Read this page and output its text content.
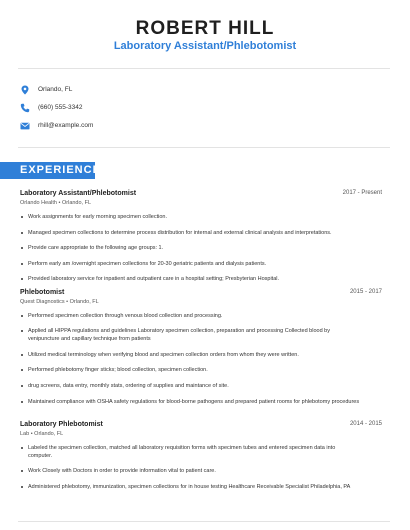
ROBERT HILL
Laboratory Assistant/Phlebotomist
Orlando, FL
(660) 555-3342
rhill@example.com
EXPERIENCE
Laboratory Assistant/Phlebotomist	2017 - Present
Orlando Health • Orlando, FL
Work assignments for early morning specimen collection.
Managed specimen collections to determine process distribution for internal and external clinical analysis and interpretations.
Provide care appropriate to the following age groups: 1.
Perform early am /overnight specimen collections for 20-30 geriatric patients and dialysis patients.
Provided laboratory service for inpatient and outpatient care in a hospital setting; Presbyterian Hospital.
Phlebotomist	2015 - 2017
Quest Diagnostics • Orlando, FL
Performed specimen collection through venous blood collection and processing.
Applied all HIPPA regulations and guidelines Laboratory specimen collection, preparation and processing Collected blood by venipuncture and capillary technique from patients
Utilized medical terminology when verifying blood and specimen collection orders from whom they were written.
Performed phlebotomy finger sticks; blood collection, specimen collection.
drug screens, data entry, monthly stats, ordering of supplies and maintance of site.
Maintained compliance with OSHA safety regulations for blood-borne pathogens and prepared patient rooms for phlebotomy procedures
Laboratory Phlebotomist	2014 - 2015
Lab • Orlando, FL
Labeled the specimen collection, matched all laboratory requisition forms with specimen tubes and entered specimen data into computer.
Work Closely with Doctors in order to provide information vital to patient care.
Administered phlebotomy, immunization, specimen collections for in house testing Healthcare Receivable Specialist Philadelphia, PA
